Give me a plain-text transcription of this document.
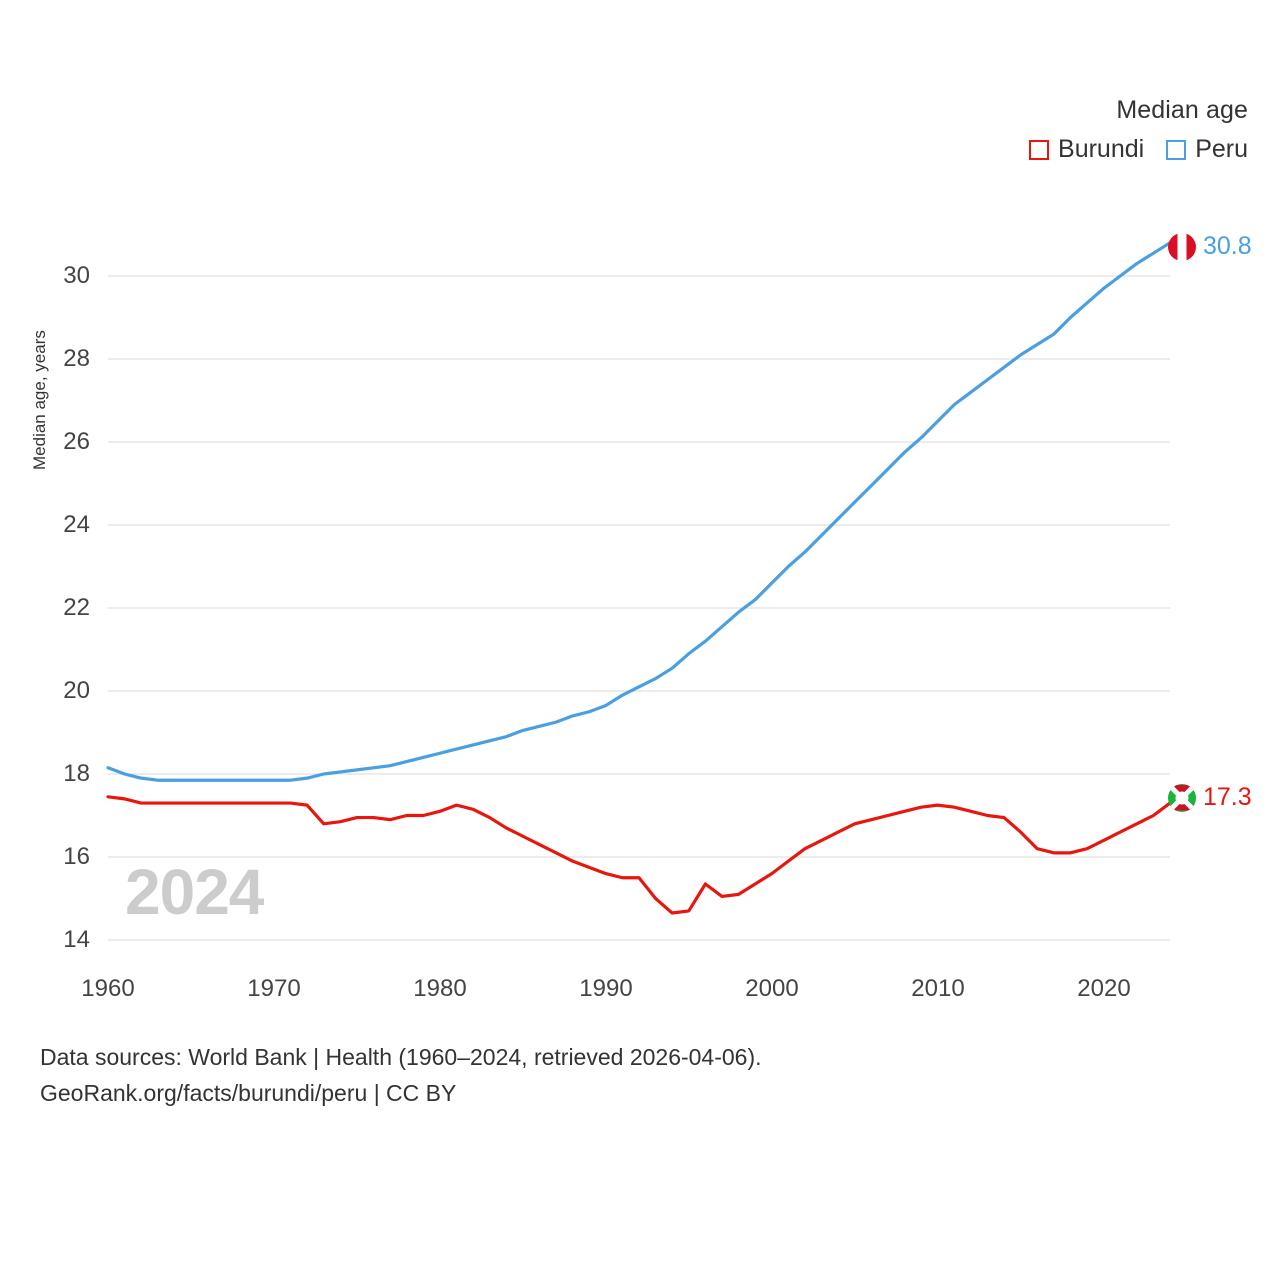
Median age
Burundi Peru
Median age, years
30
28
26
24
22
20
18
16
14
1960	1970	1980	1990	2000	2010	2020
2024
30.8
17.3
Data sources: World Bank | Health (1960–2024, retrieved 2026-04-06).
GeoRank.org/facts/burundi/peru | CC BY
